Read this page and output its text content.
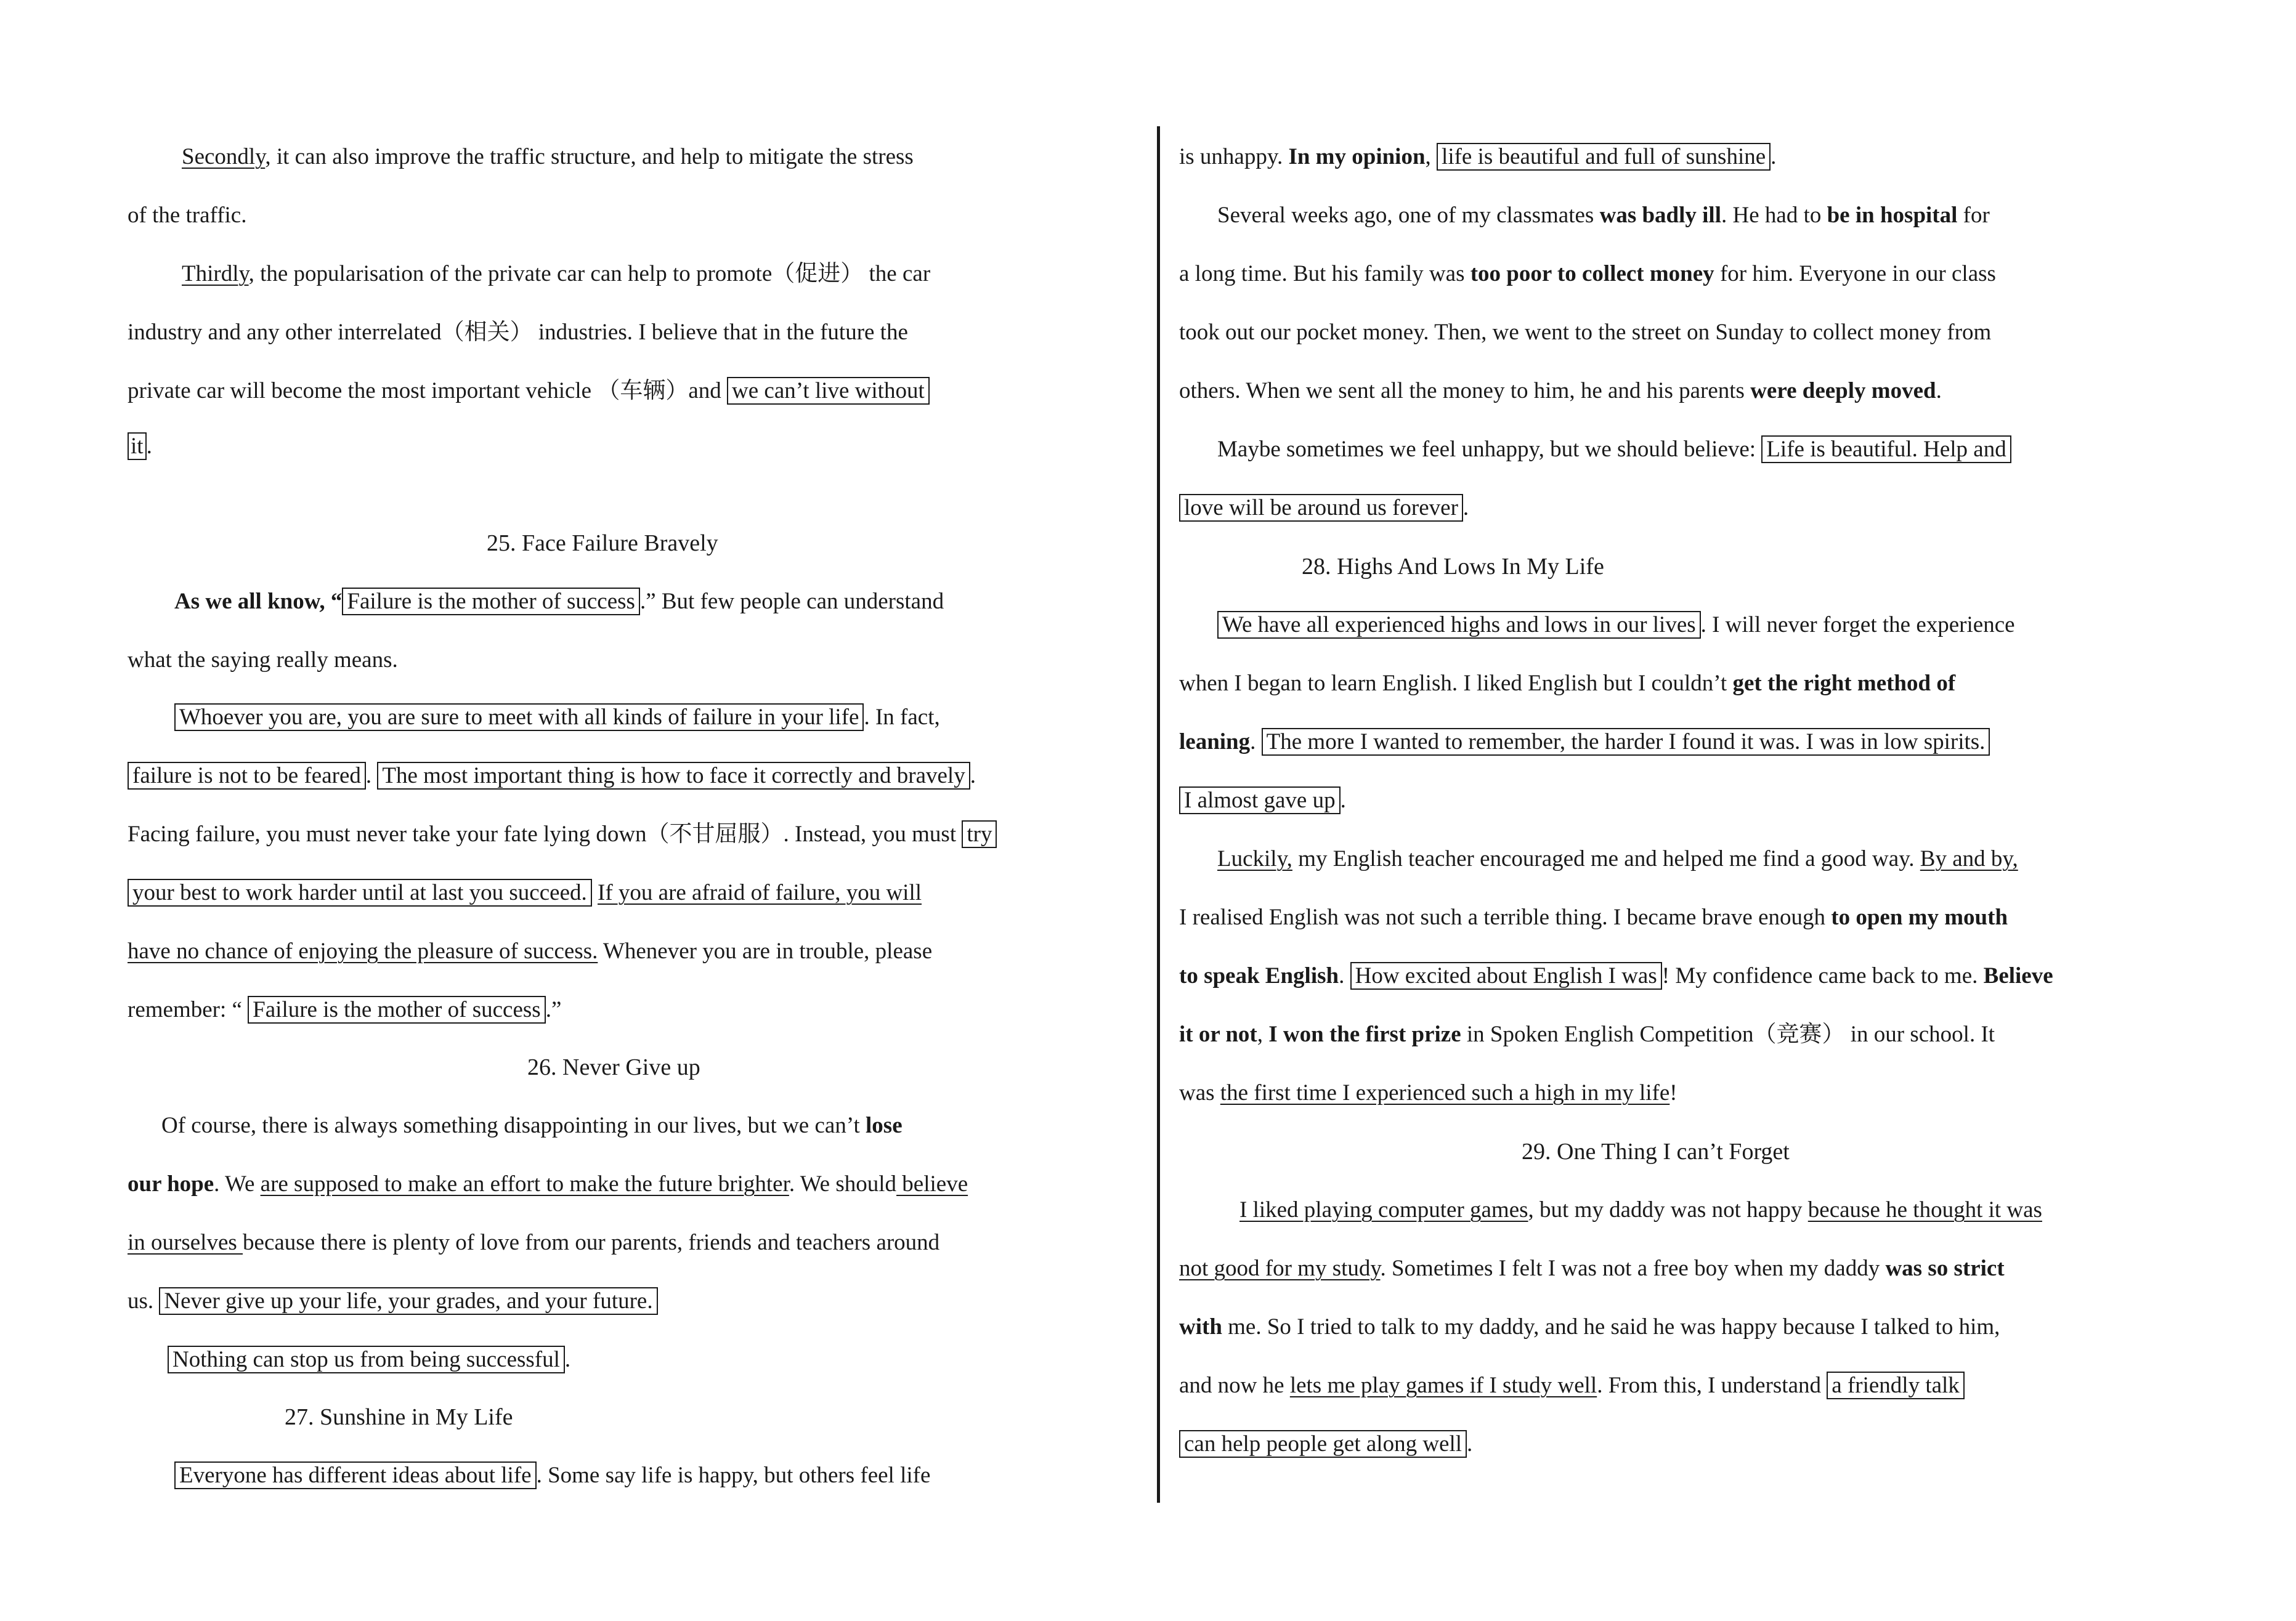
Secondly, it can also improve the traffic structure, and help to mitigate the stress
of the traffic.
Thirdly, the popularisation of the private car can help to promote（促进） the car
industry and any other interrelated（相关） industries. I believe that in the future the
private car will become the most important vehicle （车辆）and we can’t live without
it .
25. Face Failure Bravely
As we all know, “ Failure is the mother of success .” But few people can understand
what the saying really means.
Whoever you are, you are sure to meet with all kinds of failure in your life . In fact,
failure is not to be feared . The most important thing is how to face it correctly and bravely .
Facing failure, you must never take your fate lying down（不甘屈服）. Instead, you must try
your best to work harder until at last you succeed. If you are afraid of failure, you will
have no chance of enjoying the pleasure of success. Whenever you are in trouble, please
remember: “ Failure is the mother of success .”
26. Never Give up
Of course, there is always something disappointing in our lives, but we can’t lose
our hope. We are supposed to make an effort to make the future brighter. We should believe
in ourselves because there is plenty of love from our parents, friends and teachers around
us. Never give up your life, your grades, and your future.
Nothing can stop us from being successful .
27. Sunshine in My Life
Everyone has different ideas about life . Some say life is happy, but others feel life
is unhappy. In my opinion, life is beautiful and full of sunshine .
Several weeks ago, one of my classmates was badly ill. He had to be in hospital for
a long time. But his family was too poor to collect money for him. Everyone in our class
took out our pocket money. Then, we went to the street on Sunday to collect money from
others. When we sent all the money to him, he and his parents were deeply moved.
Maybe sometimes we feel unhappy, but we should believe: Life is beautiful. Help and
love will be around us forever .
28. Highs And Lows In My Life
We have all experienced highs and lows in our lives . I will never forget the experience
when I began to learn English. I liked English but I couldn’t get the right method of
leaning. The more I wanted to remember, the harder I found it was. I was in low spirits.
I almost gave up .
Luckily, my English teacher encouraged me and helped me find a good way. By and by,
I realised English was not such a terrible thing. I became brave enough to open my mouth
to speak English. How excited about English I was ! My confidence came back to me. Believe
it or not, I won the first prize in Spoken English Competition（竞赛） in our school. It
was the first time I experienced such a high in my life!
29. One Thing I can’t Forget
I liked playing computer games, but my daddy was not happy because he thought it was
not good for my study. Sometimes I felt I was not a free boy when my daddy was so strict
with me. So I tried to talk to my daddy, and he said he was happy because I talked to him,
and now he lets me play games if I study well. From this, I understand a friendly talk
can help people get along well .
